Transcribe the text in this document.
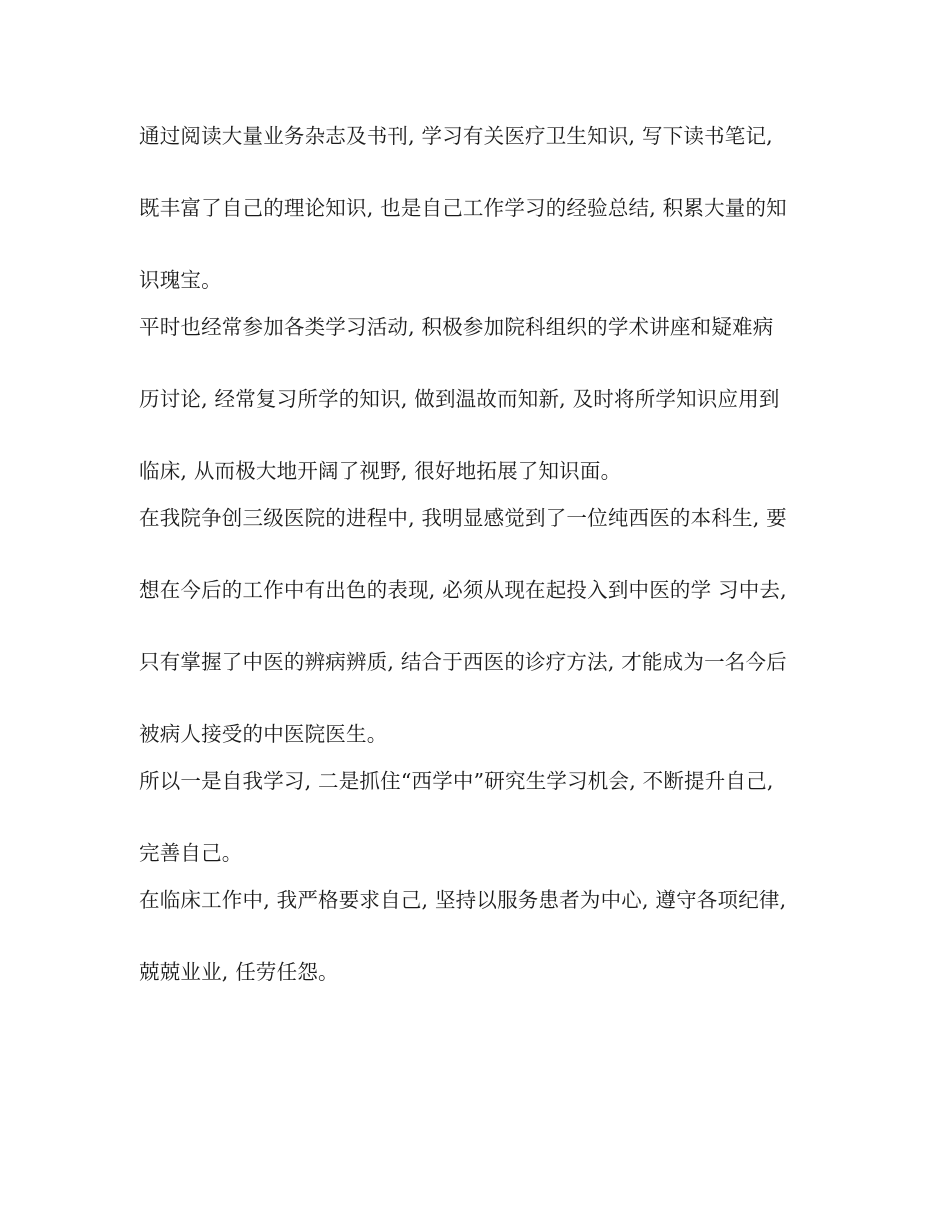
通过阅读大量业务杂志及书刊, 学习有关医疗卫生知识, 写下读书笔记,
既丰富了自己的理论知识, 也是自己工作学习的经验总结, 积累大量的知
识瑰宝。
平时也经常参加各类学习活动, 积极参加院科组织的学术讲座和疑难病
历讨论, 经常复习所学的知识, 做到温故而知新, 及时将所学知识应用到
临床, 从而极大地开阔了视野, 很好地拓展了知识面。
在我院争创三级医院的进程中, 我明显感觉到了一位纯西医的本科生, 要
想在今后的工作中有出色的表现, 必须从现在起投入到中医的学 习中去,
只有掌握了中医的辨病辨质, 结合于西医的诊疗方法, 才能成为一名今后
被病人接受的中医院医生。
所以一是自我学习, 二是抓住“西学中”研究生学习机会, 不断提升自己,
完善自己。
在临床工作中, 我严格要求自己, 坚持以服务患者为中心, 遵守各项纪律,
兢兢业业, 任劳任怨。
